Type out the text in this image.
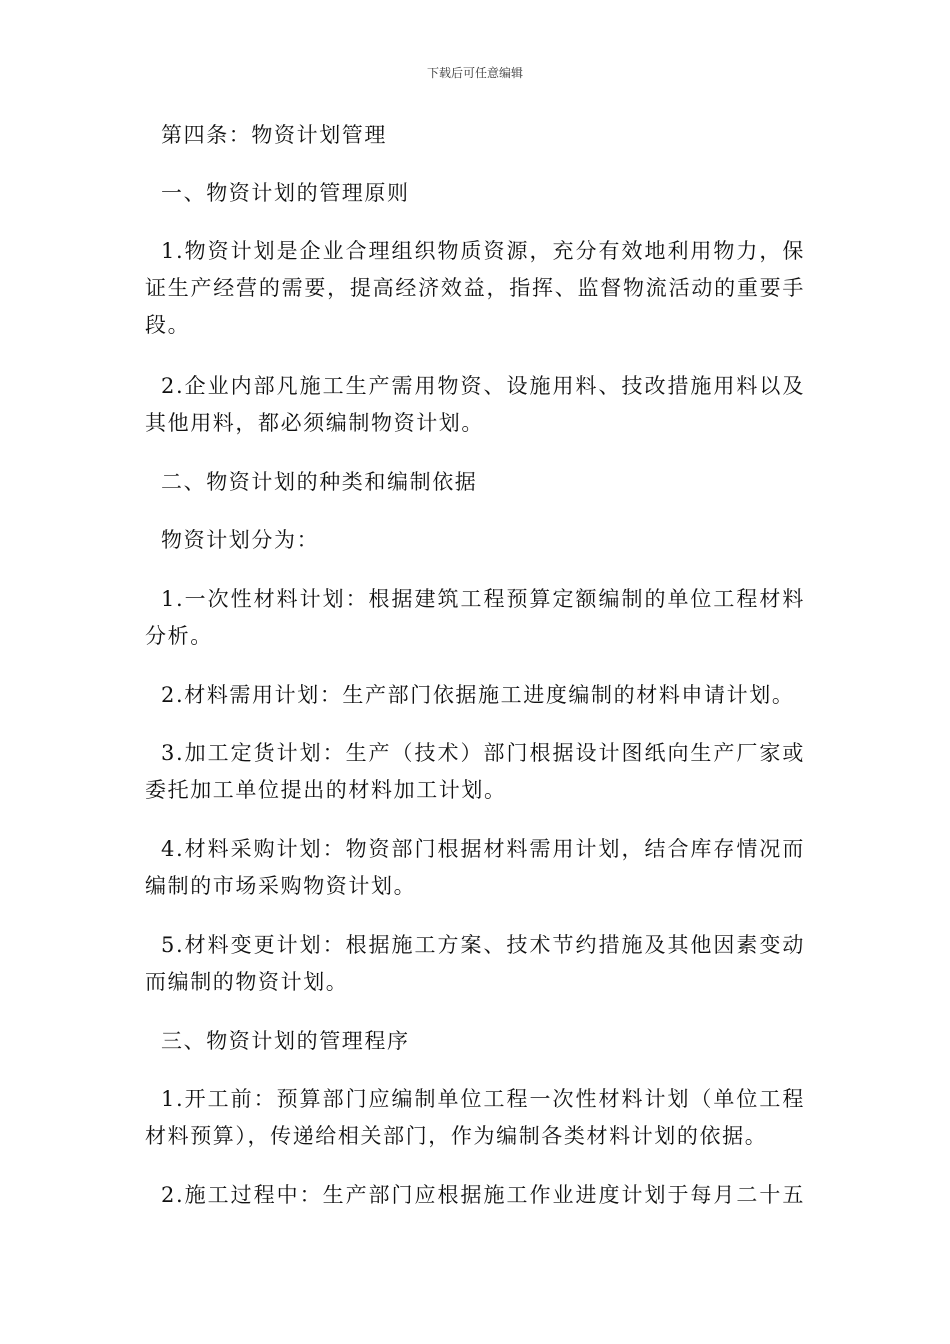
下载后可任意编辑
第四条：物资计划管理
一、物资计划的管理原则
1.物资计划是企业合理组织物质资源，充分有效地利用物力，保
证生产经营的需要，提高经济效益，指挥、监督物流活动的重要手
段。
2.企业内部凡施工生产需用物资、设施用料、技改措施用料以及
其他用料，都必须编制物资计划。
二、物资计划的种类和编制依据
物资计划分为：
1.一次性材料计划：根据建筑工程预算定额编制的单位工程材料
分析。
2.材料需用计划：生产部门依据施工进度编制的材料申请计划。
3.加工定货计划：生产（技术）部门根据设计图纸向生产厂家或
委托加工单位提出的材料加工计划。
4.材料采购计划：物资部门根据材料需用计划，结合库存情况而
编制的市场采购物资计划。
5.材料变更计划：根据施工方案、技术节约措施及其他因素变动
而编制的物资计划。
三、物资计划的管理程序
1.开工前：预算部门应编制单位工程一次性材料计划（单位工程
材料预算），传递给相关部门，作为编制各类材料计划的依据。
2.施工过程中：生产部门应根据施工作业进度计划于每月二十五
